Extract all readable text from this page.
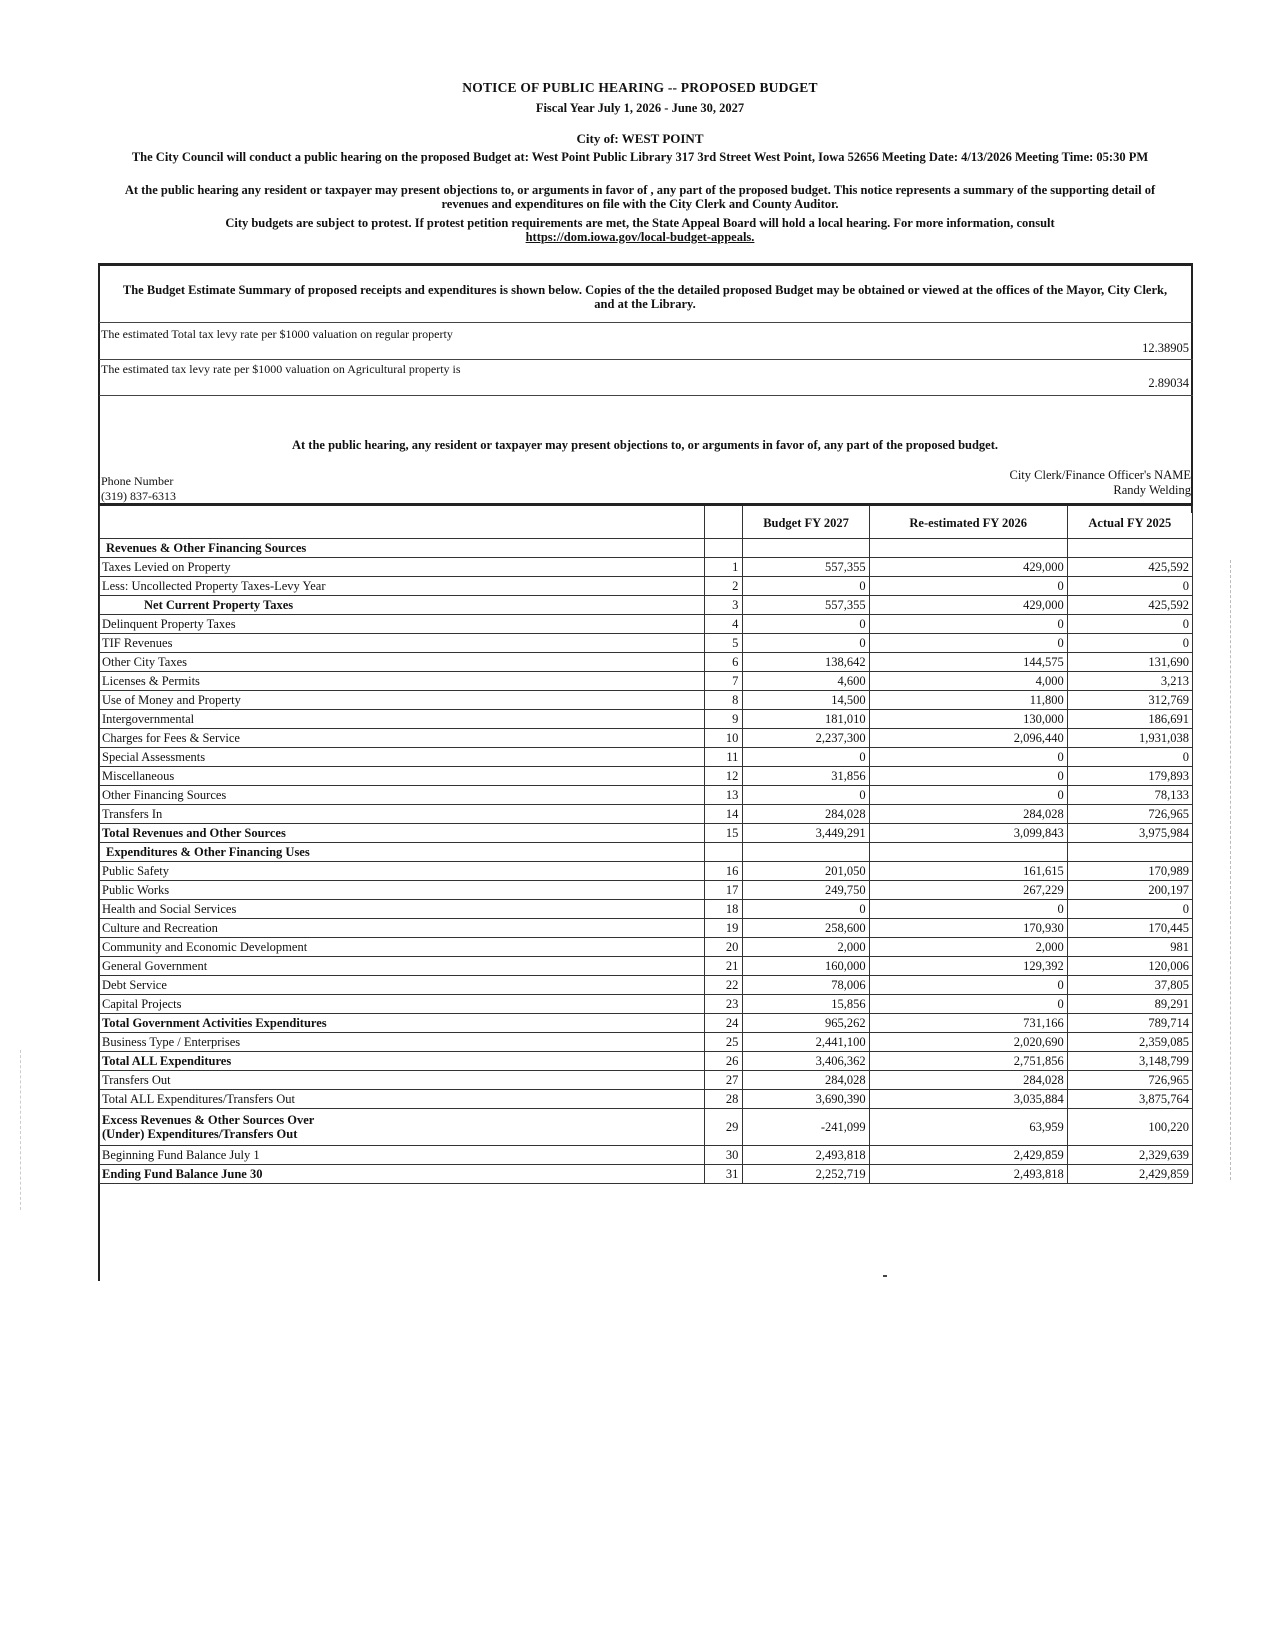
NOTICE OF PUBLIC HEARING -- PROPOSED BUDGET
Fiscal Year July 1, 2026 - June 30, 2027
City of: WEST POINT
The City Council will conduct a public hearing on the proposed Budget at: West Point Public Library 317 3rd Street West Point, Iowa 52656 Meeting Date: 4/13/2026 Meeting Time: 05:30 PM
At the public hearing any resident or taxpayer may present objections to, or arguments in favor of , any part of the proposed budget. This notice represents a summary of the supporting detail of revenues and expenditures on file with the City Clerk and County Auditor.
City budgets are subject to protest. If protest petition requirements are met, the State Appeal Board will hold a local hearing. For more information, consult
https://dom.iowa.gov/local-budget-appeals.
The Budget Estimate Summary of proposed receipts and expenditures is shown below. Copies of the the detailed proposed Budget may be obtained or viewed at the offices of the Mayor, City Clerk, and at the Library.
The estimated Total tax levy rate per $1000 valuation on regular property
12.38905
The estimated tax levy rate per $1000 valuation on Agricultural property is
2.89034
At the public hearing, any resident or taxpayer may present objections to, or arguments in favor of, any part of the proposed budget.
Phone Number
(319) 837-6313
City Clerk/Finance Officer's NAME
Randy Welding
		Budget FY 2027	Re-estimated FY 2026	Actual FY 2025
Revenues & Other Financing Sources				
Taxes Levied on Property	1	557,355	429,000	425,592
Less: Uncollected Property Taxes-Levy Year	2	0	0	0
Net Current Property Taxes	3	557,355	429,000	425,592
Delinquent Property Taxes	4	0	0	0
TIF Revenues	5	0	0	0
Other City Taxes	6	138,642	144,575	131,690
Licenses & Permits	7	4,600	4,000	3,213
Use of Money and Property	8	14,500	11,800	312,769
Intergovernmental	9	181,010	130,000	186,691
Charges for Fees & Service	10	2,237,300	2,096,440	1,931,038
Special Assessments	11	0	0	0
Miscellaneous	12	31,856	0	179,893
Other Financing Sources	13	0	0	78,133
Transfers In	14	284,028	284,028	726,965
Total Revenues and Other Sources	15	3,449,291	3,099,843	3,975,984
Expenditures & Other Financing Uses				
Public Safety	16	201,050	161,615	170,989
Public Works	17	249,750	267,229	200,197
Health and Social Services	18	0	0	0
Culture and Recreation	19	258,600	170,930	170,445
Community and Economic Development	20	2,000	2,000	981
General Government	21	160,000	129,392	120,006
Debt Service	22	78,006	0	37,805
Capital Projects	23	15,856	0	89,291
Total Government Activities Expenditures	24	965,262	731,166	789,714
Business Type / Enterprises	25	2,441,100	2,020,690	2,359,085
Total ALL Expenditures	26	3,406,362	2,751,856	3,148,799
Transfers Out	27	284,028	284,028	726,965
Total ALL Expenditures/Transfers Out	28	3,690,390	3,035,884	3,875,764
Excess Revenues & Other Sources Over
(Under) Expenditures/Transfers Out	29	-241,099	63,959	100,220
Beginning Fund Balance July 1	30	2,493,818	2,429,859	2,329,639
Ending Fund Balance June 30	31	2,252,719	2,493,818	2,429,859
